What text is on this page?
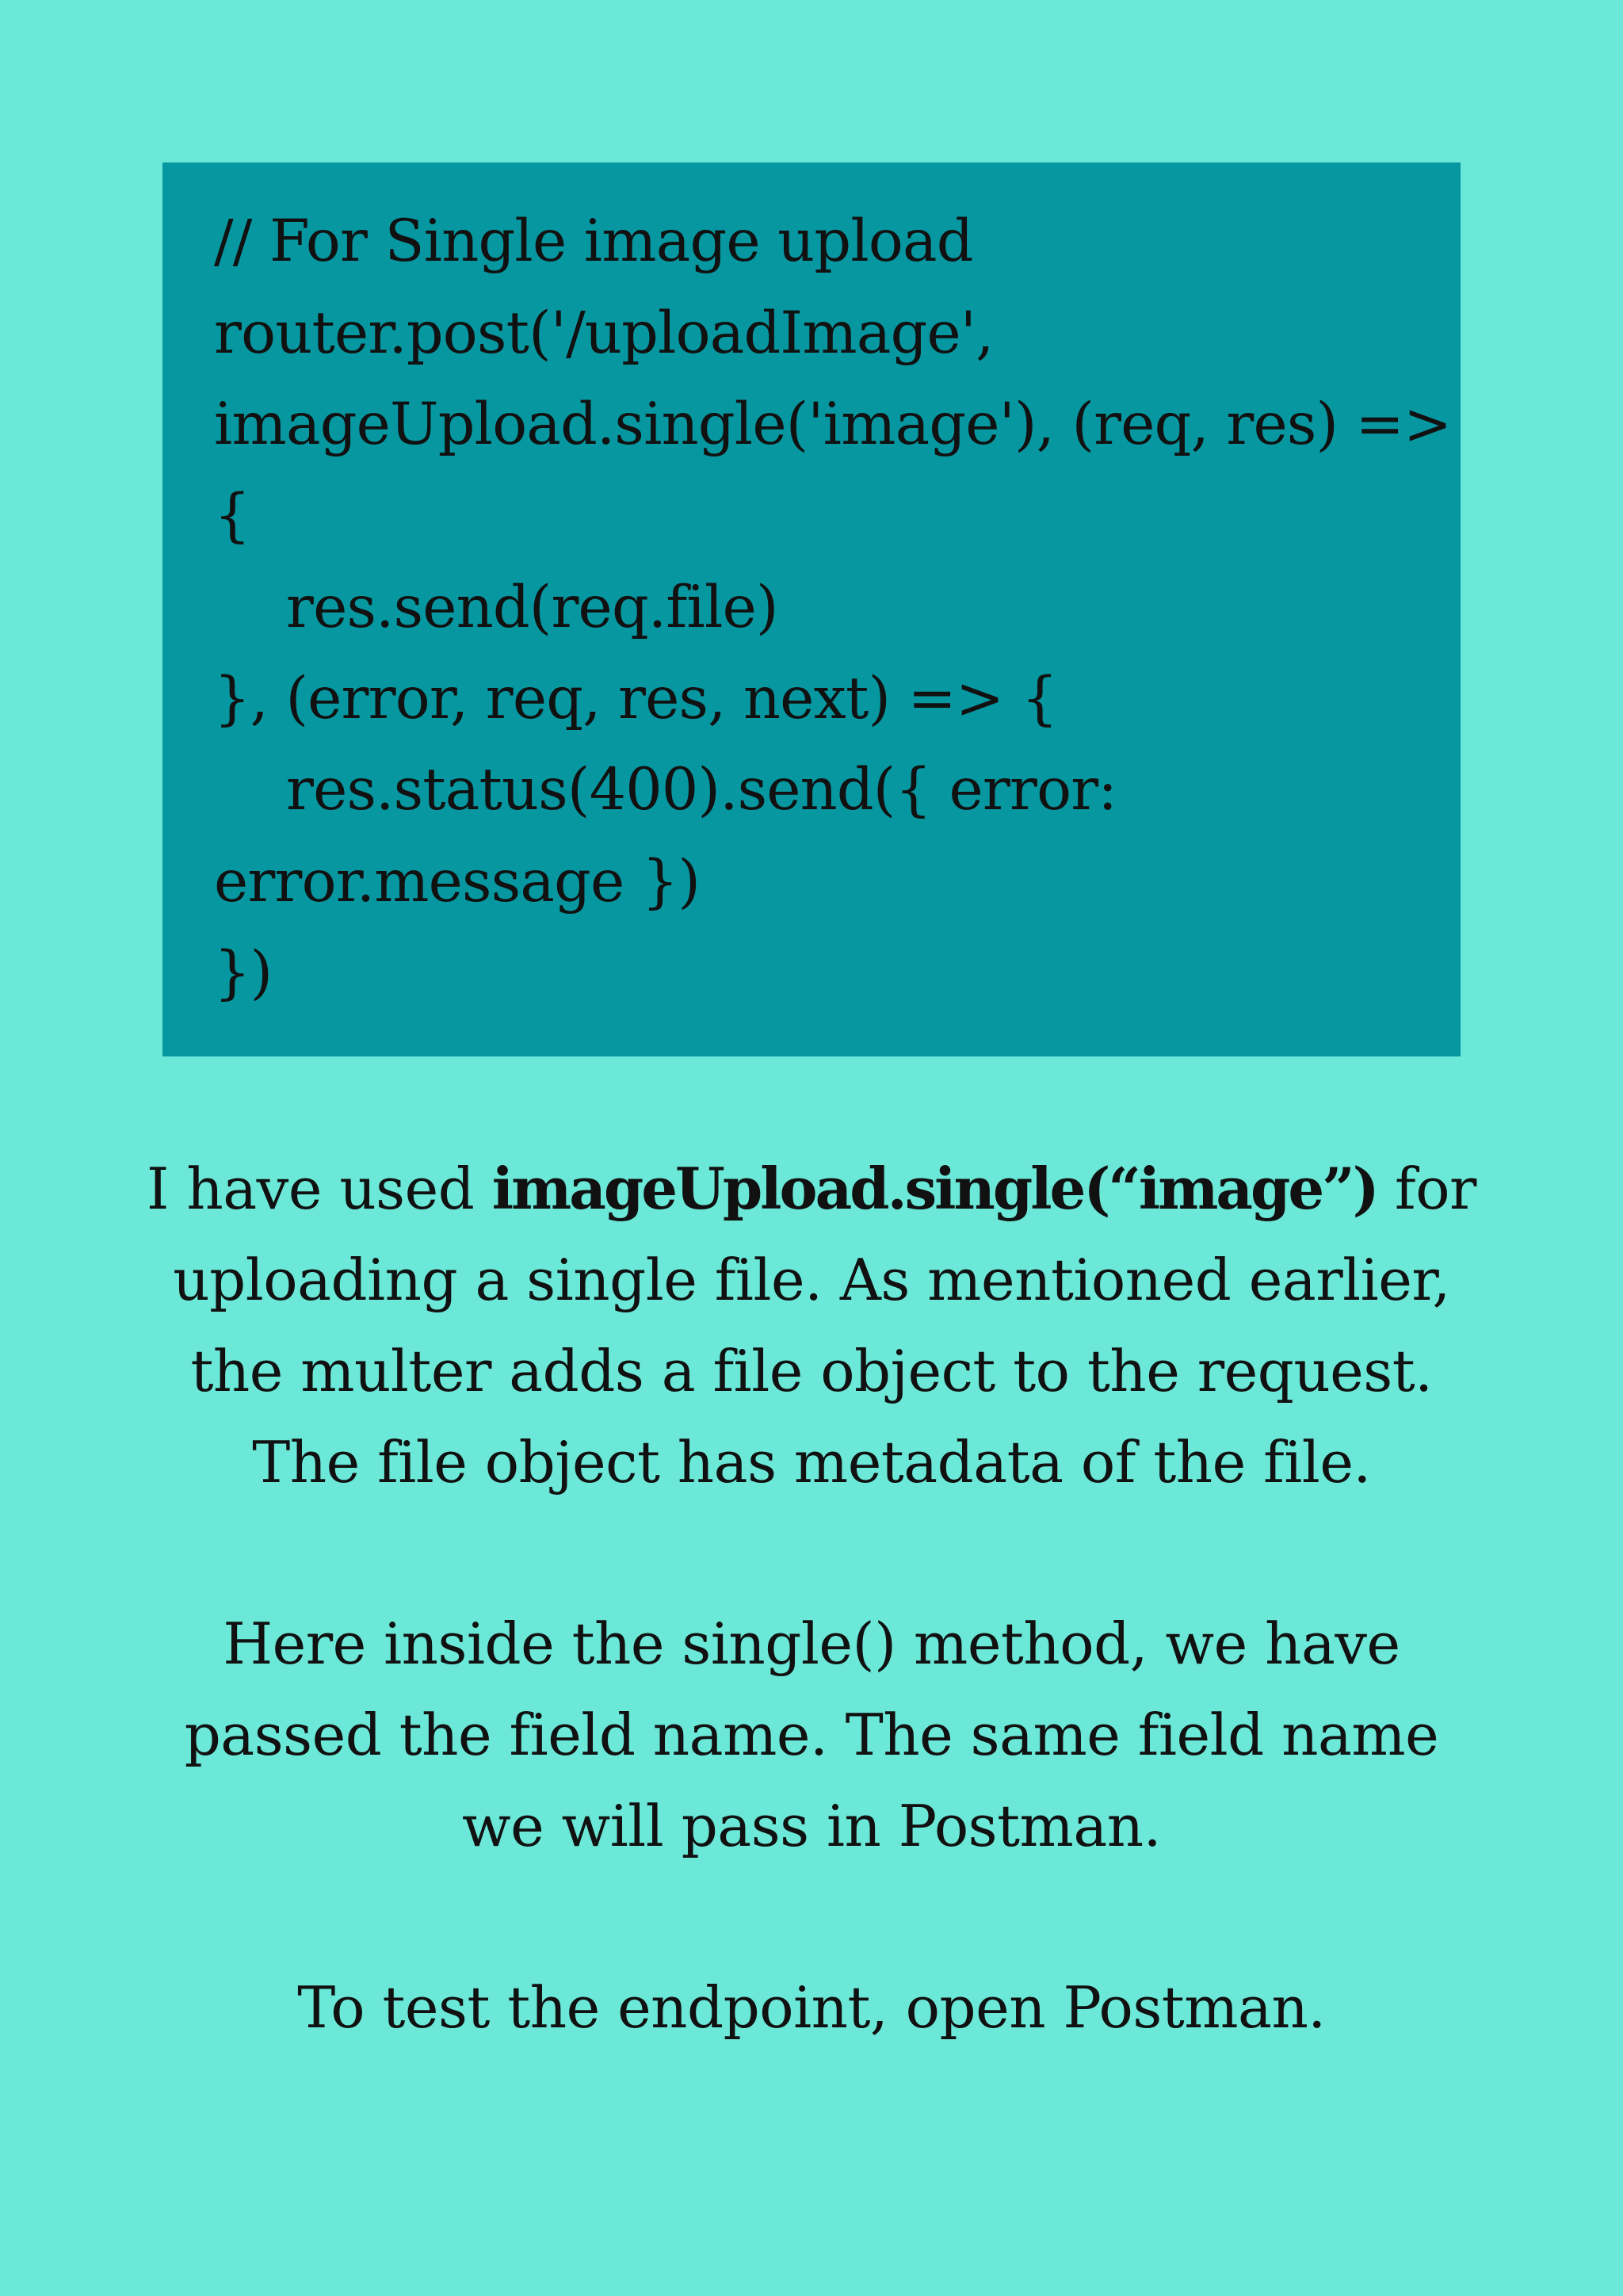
// For Single image upload
router.post('/uploadImage',
imageUpload.single('image'), (req, res) =>
{
res.send(req.file)
}, (error, req, res, next) => {
res.status(400).send({ error:
error.message })
})
I have used imageUpload.single(“image”) for
uploading a single file. As mentioned earlier,
the multer adds a file object to the request.
The file object has metadata of the file.
Here inside the single() method, we have
passed the field name. The same field name
we will pass in Postman.
To test the endpoint, open Postman.
